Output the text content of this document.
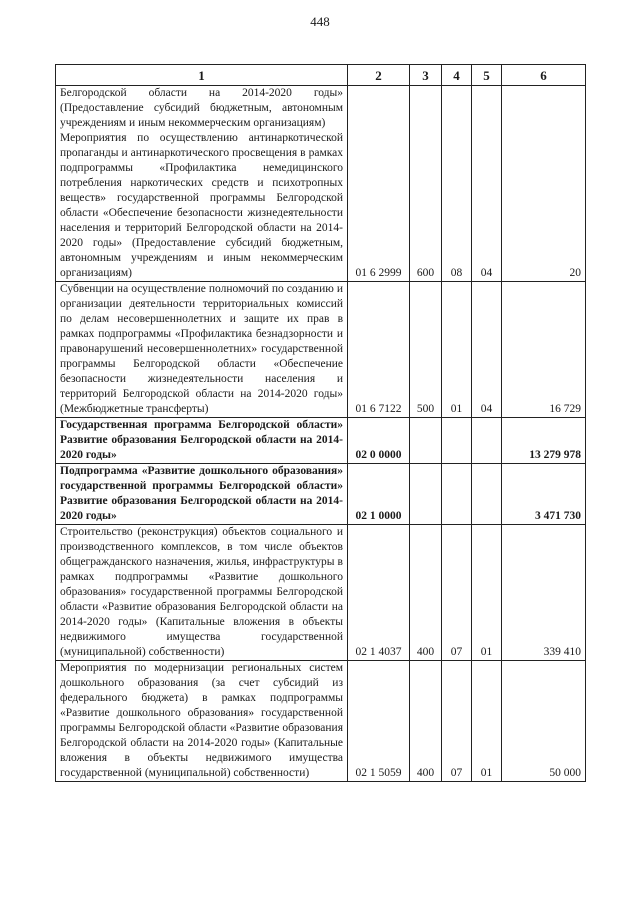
448
1	2	3	4	5	6

Белгородской области на 2014-2020 годы» (Предоставление субсидий бюджетным, автономным учреждениям и иным некоммерческим организациям)
Мероприятия по осуществлению антинаркотической пропаганды и антинаркотического просвещения в рамках подпрограммы «Профилактика немедицинского потребления наркотических средств и психотропных веществ» государственной программы Белгородской области «Обеспечение безопасности жизнедеятельности населения и территорий Белгородской области на 2014-2020 годы» (Предоставление субсидий бюджетным, автономным учреждениям и иным некоммерческим организациям)	01 6 2999	600	08	04	20

Субвенции на осуществление полномочий по созданию и организации деятельности территориальных комиссий по делам несовершеннолетних и защите их прав в рамках подпрограммы «Профилактика безнадзорности и правонарушений несовершеннолетних» государственной программы Белгородской области «Обеспечение безопасности жизнедеятельности населения и территорий Белгородской области на 2014-2020 годы» (Межбюджетные трансферты)	01 6 7122	500	01	04	16 729

Государственная программа Белгородской области» Развитие образования Белгородской области на 2014-2020 годы»	02 0 0000				13 279 978

Подпрограмма «Развитие дошкольного образования» государственной программы Белгородской области» Развитие образования Белгородской области на 2014-2020 годы»	02 1 0000				3 471 730

Строительство (реконструкция) объектов социального и производственного комплексов, в том числе объектов общегражданского назначения, жилья, инфраструктуры в рамках подпрограммы «Развитие дошкольного образования» государственной программы Белгородской области «Развитие образования Белгородской области на 2014-2020 годы» (Капитальные вложения в объекты недвижимого имущества государственной (муниципальной) собственности)	02 1 4037	400	07	01	339 410

Мероприятия по модернизации региональных систем дошкольного образования (за счет субсидий из федерального бюджета) в рамках подпрограммы «Развитие дошкольного образования» государственной программы Белгородской области «Развитие образования Белгородской области на 2014-2020 годы» (Капитальные вложения в объекты недвижимого имущества государственной (муниципальной) собственности)	02 1 5059	400	07	01	50 000
